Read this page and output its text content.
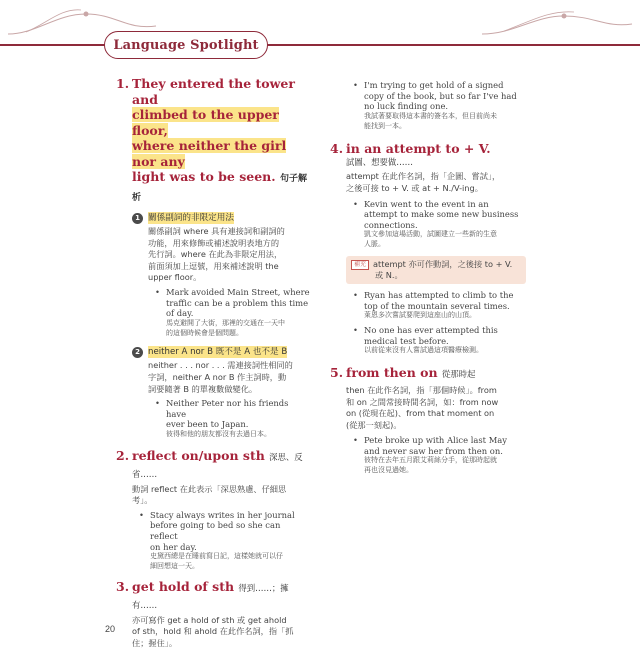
Language Spotlight
1. They entered the tower and
climbed to the upper floor,
where neither the girl nor any
light was to be seen. 句子解析
1 關係副詞的非限定用法
關係副詞 where 具有連接詞和副詞的
功能，用來修飾或補述說明表地方的
先行詞。where 在此為非限定用法，
前面須加上逗號，用來補述說明 the
upper floor。
• Mark avoided Main Street, where
traffic can be a problem this time
of day.
馬克避開了大街，那裡的交通在一天中
的這個時候會是個問題。
2 neither A nor B 既不是 A 也不是 B
neither . . . nor . . . 需連接詞性相同的
字詞，neither A nor B 作主詞時，動
詞要隨著 B 的單複數做變化。
• Neither Peter nor his friends have
ever been to Japan.
彼得和他的朋友都沒有去過日本。
2. reflect on/upon sth 深思、反省……
動詞 reflect 在此表示「深思熟慮、仔細思
考」。
• Stacy always writes in her journal
before going to bed so she can reflect
on her day.
史黛西總是在睡前寫日記，這樣她就可以仔
細回想這一天。
3. get hold of sth 得到……；擁有……
亦可寫作 get a hold of sth 或 get ahold
of sth，hold 和 ahold 在此作名詞，指「抓
住；握住」。
• I'm trying to get hold of a signed
copy of the book, but so far I've had
no luck finding one.
我試著要取得這本書的簽名本，但目前尚未
能找到一本。
4. in an attempt to + V.
試圖、想要做……
attempt 在此作名詞，指「企圖、嘗試」，
之後可接 to + V. 或 at + N./V-ing。
• Kevin went to the event in an
attempt to make some new business
connections.
凱文參加這場活動，試圖建立一些新的生意
人脈。
補充 attempt 亦可作動詞，之後接 to + V.
或 N.。
• Ryan has attempted to climb to the
top of the mountain several times.
萊恩多次嘗試要爬到這座山的山頂。
• No one has ever attempted this
medical test before.
以前從來沒有人嘗試過這項醫療檢測。
5. from then on 從那時起
then 在此作名詞，指「那個時候」。from
和 on 之間常接時間名詞，如：from now
on (從現在起)、from that moment on
(從那一刻起)。
• Pete broke up with Alice last May
and never saw her from then on.
彼特在去年五月跟艾莉絲分手，從那時起就
再也沒見過她。
20
